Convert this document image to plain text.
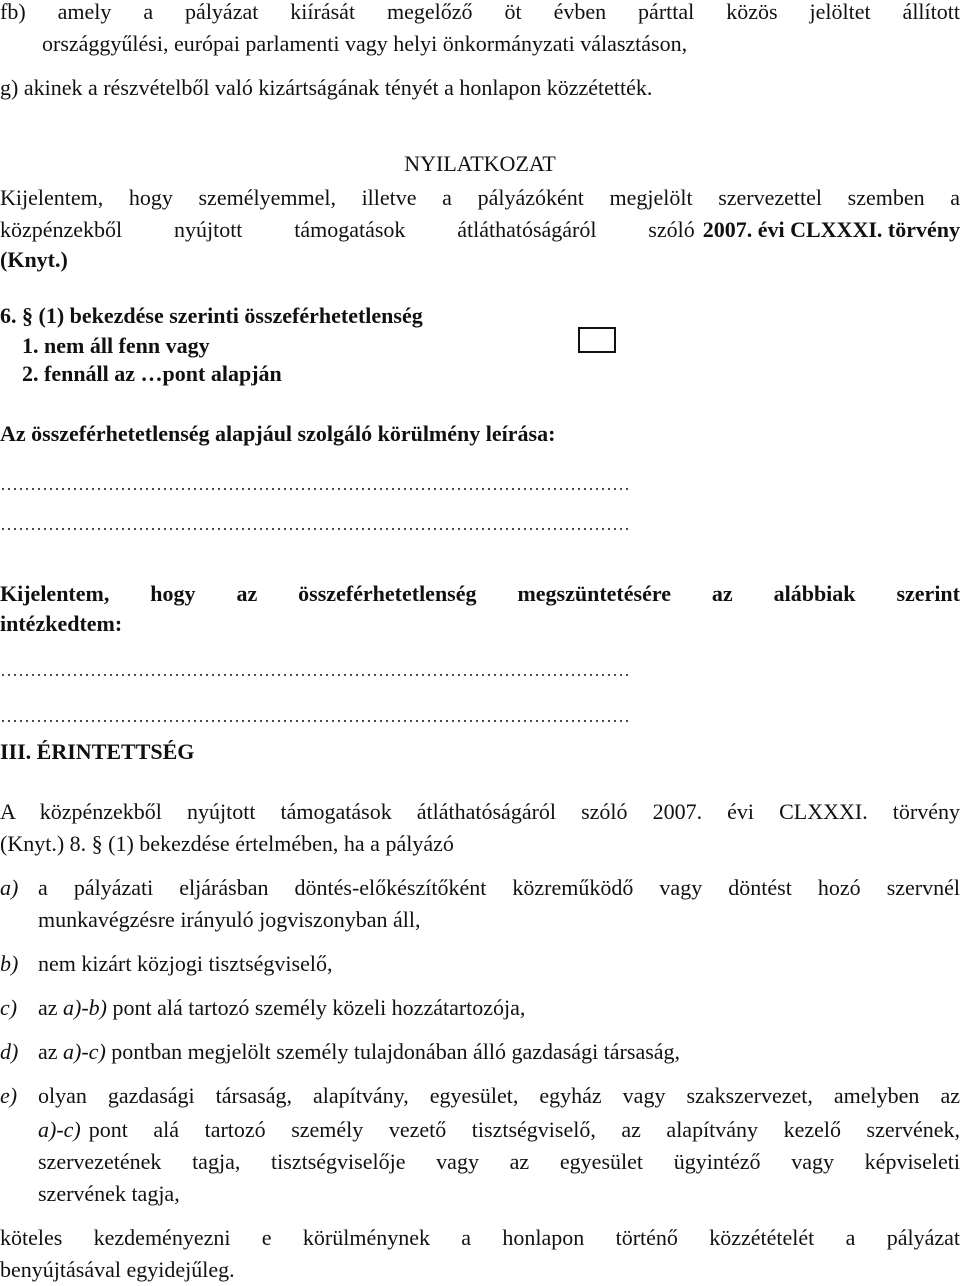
fb) amely a pályázat kiírását megelőző öt évben párttal közös jelöltet állított
országgyűlési, európai parlamenti vagy helyi önkormányzati választáson,
g) akinek a részvételből való kizártságának tényét a honlapon közzétették.
NYILATKOZAT
Kijelentem, hogy személyemmel, illetve a pályázóként megjelölt szervezettel szemben a
közpénzekből nyújtott támogatások átláthatóságáról szóló 2007. évi CLXXXI. törvény
(Knyt.)
6. § (1) bekezdése szerinti összeférhetetlenség
1. nem áll fenn vagy
2. fennáll az …pont alapján
Az összeférhetetlenség alapjául szolgáló körülmény leírása:
……………………………………………………………………………………………
……………………………………………………………………………………………
Kijelentem, hogy az összeférhetetlenség megszüntetésére az alábbiak szerint
intézkedtem:
……………………………………………………………………………………………
……………………………………………………………………………………………
III. ÉRINTETTSÉG
A közpénzekből nyújtott támogatások átláthatóságáról szóló 2007. évi CLXXXI. törvény
(Knyt.) 8. § (1) bekezdése értelmében, ha a pályázó
a) a pályázati eljárásban döntés-előkészítőként közreműködő vagy döntést hozó szervnél
munkavégzésre irányuló jogviszonyban áll,
b) nem kizárt közjogi tisztségviselő,
c) az a)-b) pont alá tartozó személy közeli hozzátartozója,
d) az a)-c) pontban megjelölt személy tulajdonában álló gazdasági társaság,
e) olyan gazdasági társaság, alapítvány, egyesület, egyház vagy szakszervezet, amelyben az
a)-c) pont alá tartozó személy vezető tisztségviselő, az alapítvány kezelő szervének,
szervezetének tagja, tisztségviselője vagy az egyesület ügyintéző vagy képviseleti
szervének tagja,
köteles kezdeményezni e körülménynek a honlapon történő közzétételét a pályázat
benyújtásával egyidejűleg.
